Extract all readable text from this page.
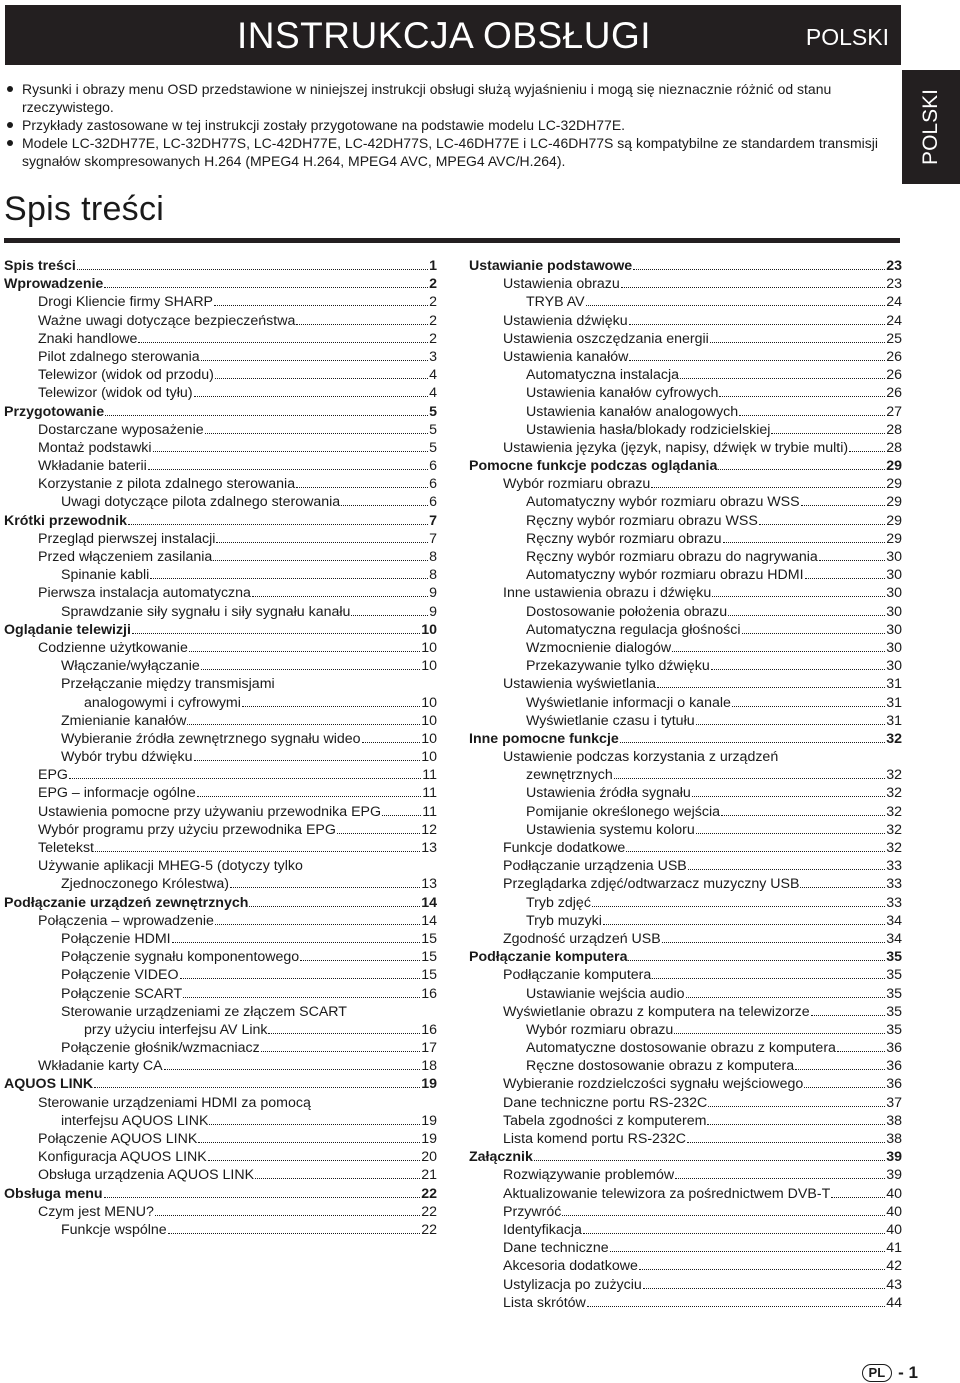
INSTRUKCJA OBSŁUGI	POLSKI
POLSKI
Rysunki i obrazy menu OSD przedstawione w niniejszej instrukcji obsługi służą wyjaśnieniu i mogą się nieznacznie różnić od stanu rzeczywistego.
Przykłady zastosowane w tej instrukcji zostały przygotowane na podstawie modelu LC-32DH77E.
Modele LC-32DH77E, LC-32DH77S, LC-42DH77E, LC-42DH77S, LC-46DH77E i LC-46DH77S są kompatybilne ze standardem transmisji sygnałów skompresowanych H.264 (MPEG4 H.264, MPEG4 AVC, MPEG4 AVC/H.264).
Spis treści
Spis treści	1
Wprowadzenie	2
Drogi Kliencie firmy SHARP	2
Ważne uwagi dotyczące bezpieczeństwa	2
Znaki handlowe	2
Pilot zdalnego sterowania	3
Telewizor (widok od przodu)	4
Telewizor (widok od tyłu)	4
Przygotowanie	5
Dostarczane wyposażenie	5
Montaż podstawki	5
Wkładanie baterii	6
Korzystanie z pilota zdalnego sterowania	6
Uwagi dotyczące pilota zdalnego sterowania	6
Krótki przewodnik	7
Przegląd pierwszej instalacji	7
Przed włączeniem zasilania	8
Spinanie kabli	8
Pierwsza instalacja automatyczna	9
Sprawdzanie siły sygnału i siły sygnału kanału	9
Oglądanie telewizji	10
Codzienne użytkowanie	10
Włączanie/wyłączanie	10
Przełączanie między transmisjami
analogowymi i cyfrowymi	10
Zmienianie kanałów	10
Wybieranie źródła zewnętrznego sygnału wideo	10
Wybór trybu dźwięku	10
EPG	11
EPG – informacje ogólne	11
Ustawienia pomocne przy używaniu przewodnika EPG	11
Wybór programu przy użyciu przewodnika EPG	12
Teletekst	13
Używanie aplikacji MHEG-5 (dotyczy tylko
Zjednoczonego Królestwa)	13
Podłączanie urządzeń zewnętrznych	14
Połączenia – wprowadzenie	14
Połączenie HDMI	15
Połączenie sygnału komponentowego	15
Połączenie VIDEO	15
Połączenie SCART	16
Sterowanie urządzeniami ze złączem SCART
przy użyciu interfejsu AV Link	16
Połączenie głośnik/wzmacniacz	17
Wkładanie karty CA	18
AQUOS LINK	19
Sterowanie urządzeniami HDMI za pomocą
interfejsu AQUOS LINK	19
Połączenie AQUOS LINK	19
Konfiguracja AQUOS LINK	20
Obsługa urządzenia AQUOS LINK	21
Obsługa menu	22
Czym jest MENU?	22
Funkcje wspólne	22
Ustawianie podstawowe	23
Ustawienia obrazu	23
TRYB AV	24
Ustawienia dźwięku	24
Ustawienia oszczędzania energii	25
Ustawienia kanałów	26
Automatyczna instalacja	26
Ustawienia kanałów cyfrowych	26
Ustawienia kanałów analogowych	27
Ustawienia hasła/blokady rodzicielskiej	28
Ustawienia języka (język, napisy, dźwięk w trybie multi)	28
Pomocne funkcje podczas oglądania	29
Wybór rozmiaru obrazu	29
Automatyczny wybór rozmiaru obrazu WSS	29
Ręczny wybór rozmiaru obrazu WSS	29
Ręczny wybór rozmiaru obrazu	29
Ręczny wybór rozmiaru obrazu do nagrywania	30
Automatyczny wybór rozmiaru obrazu HDMI	30
Inne ustawienia obrazu i dźwięku	30
Dostosowanie położenia obrazu	30
Automatyczna regulacja głośności	30
Wzmocnienie dialogów	30
Przekazywanie tylko dźwięku	30
Ustawienia wyświetlania	31
Wyświetlanie informacji o kanale	31
Wyświetlanie czasu i tytułu	31
Inne pomocne funkcje	32
Ustawienie podczas korzystania z urządzeń
zewnętrznych	32
Ustawienia źródła sygnału	32
Pomijanie określonego wejścia	32
Ustawienia systemu koloru	32
Funkcje dodatkowe	32
Podłączanie urządzenia USB	33
Przeglądarka zdjęć/odtwarzacz muzyczny USB	33
Tryb zdjęć	33
Tryb muzyki	34
Zgodność urządzeń USB	34
Podłączanie komputera	35
Podłączanie komputera	35
Ustawianie wejścia audio	35
Wyświetlanie obrazu z komputera na telewizorze	35
Wybór rozmiaru obrazu	35
Automatyczne dostosowanie obrazu z komputera	36
Ręczne dostosowanie obrazu z komputera	36
Wybieranie rozdzielczości sygnału wejściowego	36
Dane techniczne portu RS-232C	37
Tabela zgodności z komputerem	38
Lista komend portu RS-232C	38
Załącznik	39
Rozwiązywanie problemów	39
Aktualizowanie telewizora za pośrednictwem DVB-T	40
Przywróć	40
Identyfikacja	40
Dane techniczne	41
Akcesoria dodatkowe	42
Ustylizacja po zużyciu	43
Lista skrótów	44
PL - 1
